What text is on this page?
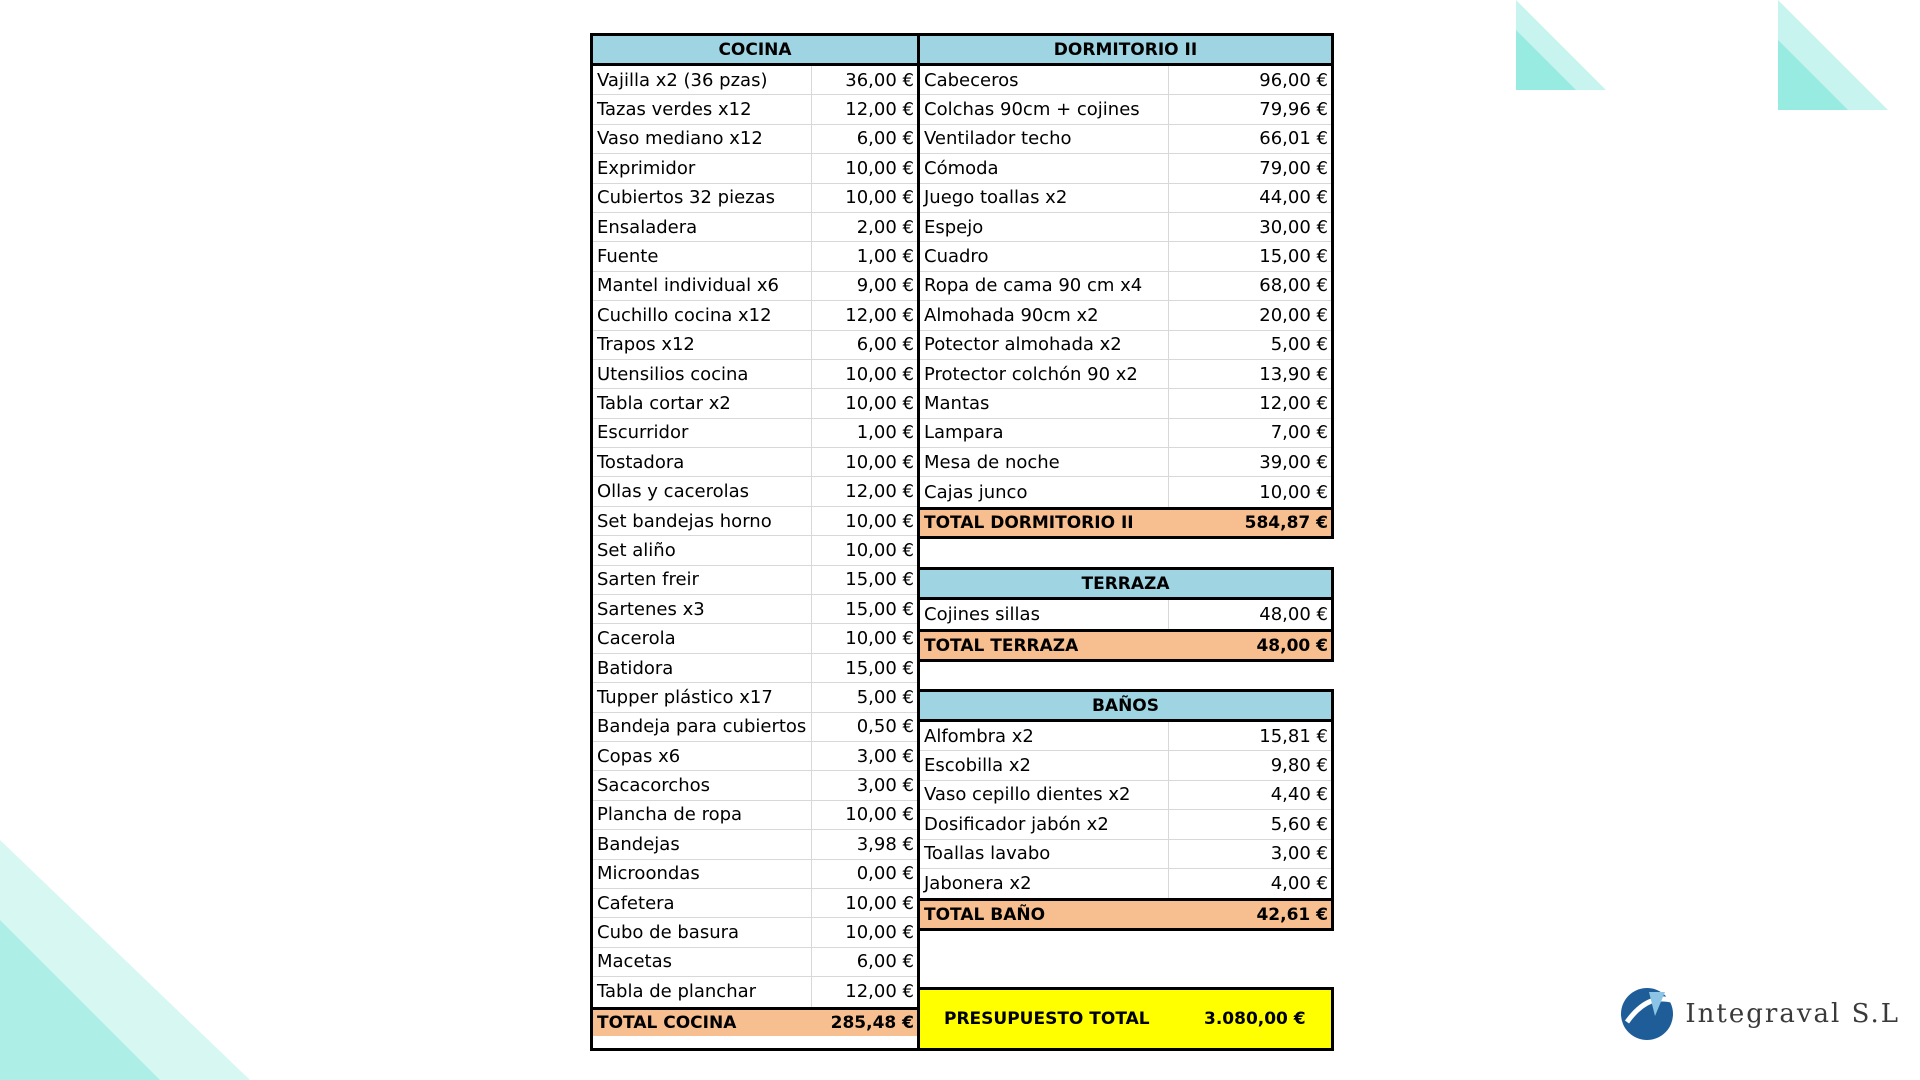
COCINA
Vajilla x2 (36 pzas)	36,00 €
Tazas verdes x12	12,00 €
Vaso mediano x12	6,00 €
Exprimidor	10,00 €
Cubiertos 32 piezas	10,00 €
Ensaladera	2,00 €
Fuente	1,00 €
Mantel individual x6	9,00 €
Cuchillo cocina x12	12,00 €
Trapos x12	6,00 €
Utensilios cocina	10,00 €
Tabla cortar x2	10,00 €
Escurridor	1,00 €
Tostadora	10,00 €
Ollas y cacerolas	12,00 €
Set bandejas horno	10,00 €
Set aliño	10,00 €
Sarten freir	15,00 €
Sartenes x3	15,00 €
Cacerola	10,00 €
Batidora	15,00 €
Tupper plástico x17	5,00 €
Bandeja para cubiertos	0,50 €
Copas x6	3,00 €
Sacacorchos	3,00 €
Plancha de ropa	10,00 €
Bandejas	3,98 €
Microondas	0,00 €
Cafetera	10,00 €
Cubo de basura	10,00 €
Macetas	6,00 €
Tabla de planchar	12,00 €
TOTAL COCINA	285,48 €
DORMITORIO II
Cabeceros	96,00 €
Colchas 90cm + cojines	79,96 €
Ventilador techo	66,01 €
Cómoda	79,00 €
Juego toallas x2	44,00 €
Espejo	30,00 €
Cuadro	15,00 €
Ropa de cama 90 cm x4	68,00 €
Almohada 90cm x2	20,00 €
Potector almohada x2	5,00 €
Protector colchón 90 x2	13,90 €
Mantas	12,00 €
Lampara	7,00 €
Mesa de noche	39,00 €
Cajas junco	10,00 €
TOTAL DORMITORIO II	584,87 €
TERRAZA
Cojines sillas	48,00 €
TOTAL TERRAZA	48,00 €
BAÑOS
Alfombra x2	15,81 €
Escobilla x2	9,80 €
Vaso cepillo dientes x2	4,40 €
Dosificador jabón x2	5,60 €
Toallas lavabo	3,00 €
Jabonera x2	4,00 €
TOTAL BAÑO	42,61 €
PRESUPUESTO TOTAL	3.080,00 €	Integraval S.L
